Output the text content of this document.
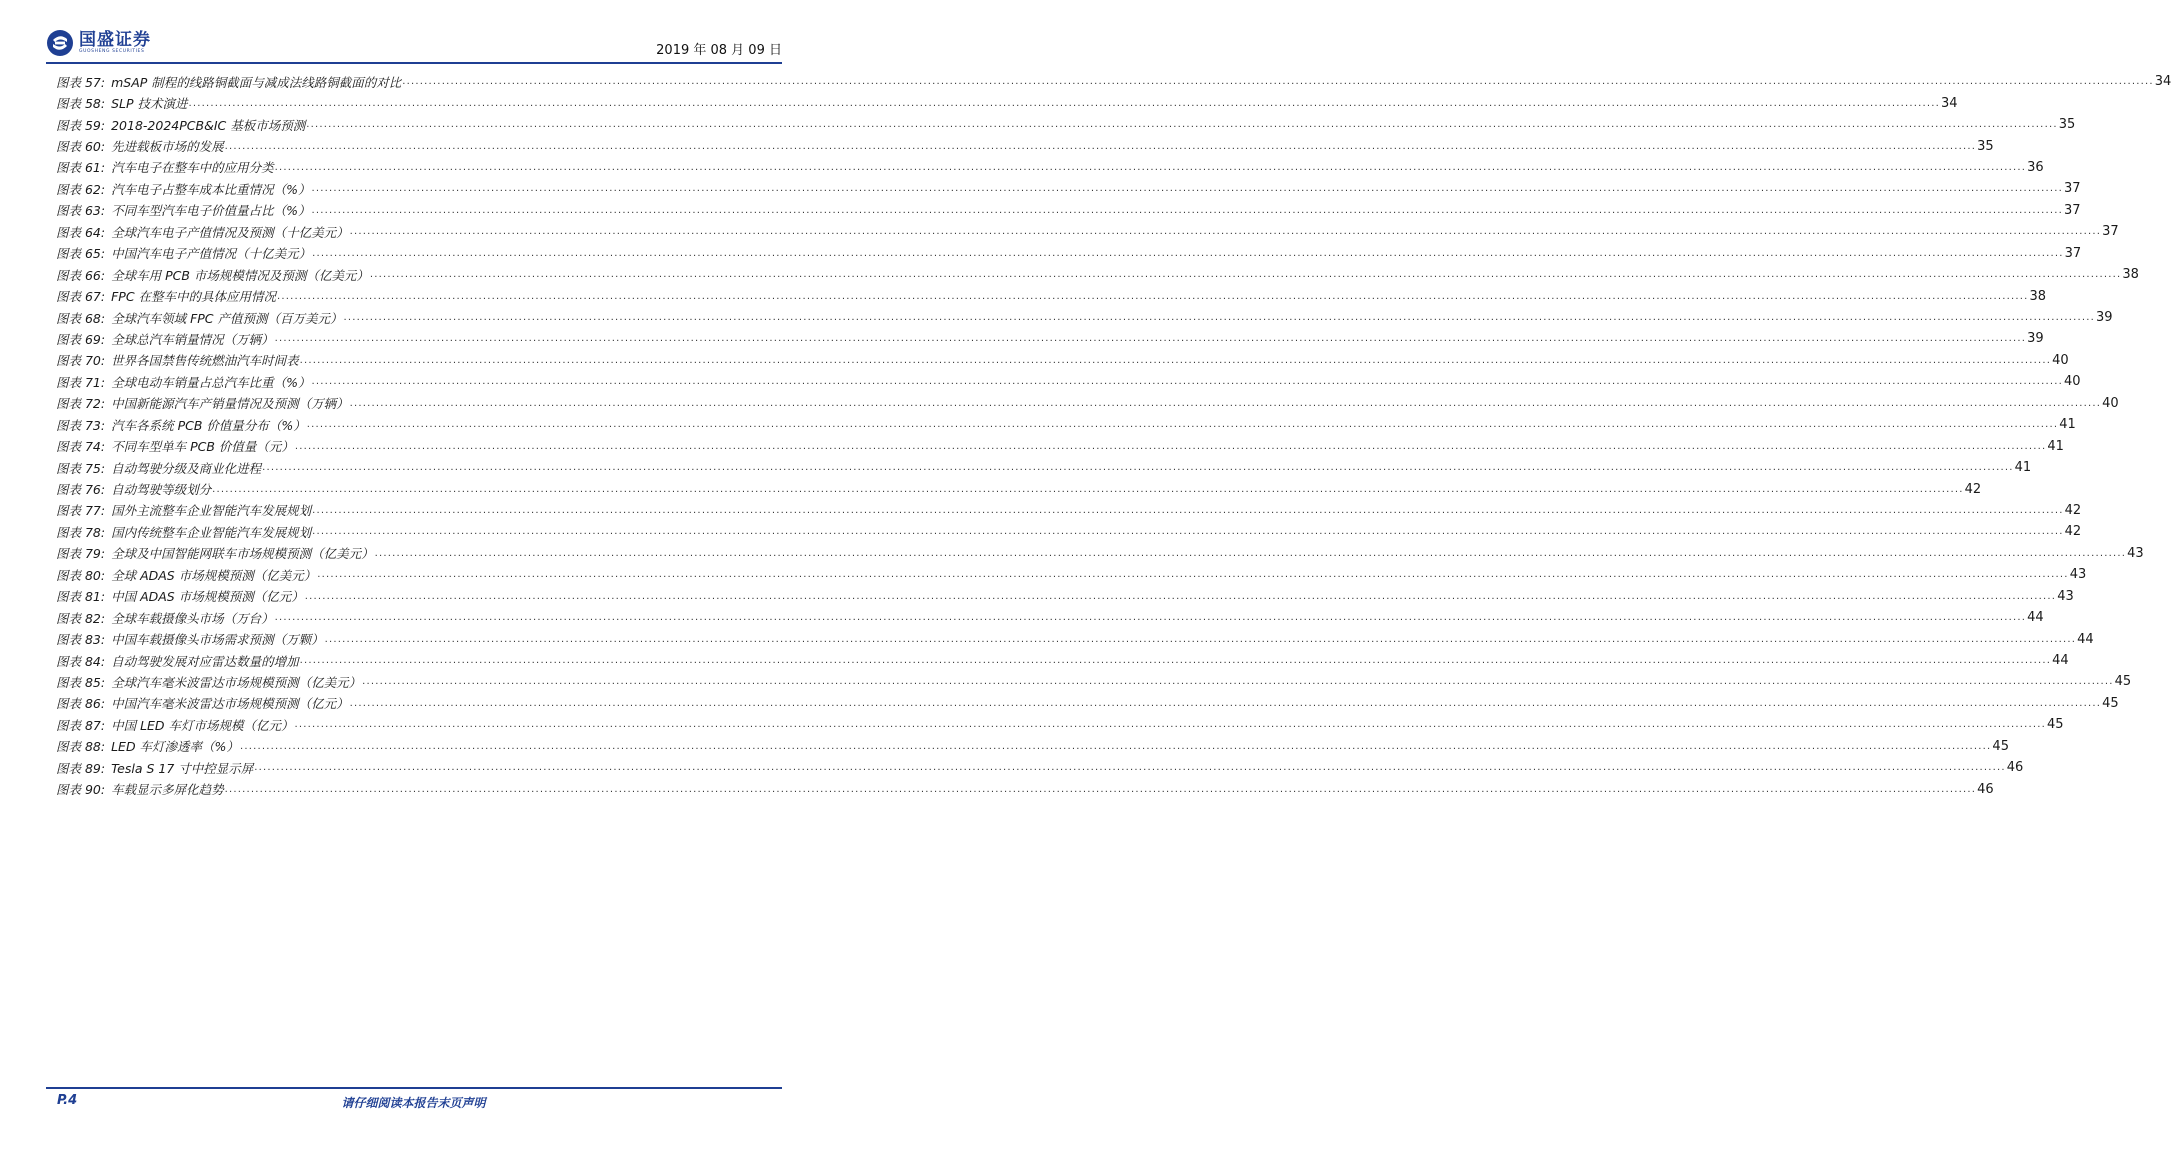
国盛证券
GUOSHENG SECURITIES	2019 年 08 月 09 日
图表 57: mSAP 制程的线路铜截面与减成法线路铜截面的对比 ................................................................................................................................................................................................................................................................................................................................................................................................................ 34
图表 58: SLP 技术演进 ................................................................................................................................................................................................................................................................................................................................................................................................................ 34
图表 59: 2018-2024PCB&IC 基板市场预测 ................................................................................................................................................................................................................................................................................................................................................................................................................ 35
图表 60: 先进载板市场的发展 ................................................................................................................................................................................................................................................................................................................................................................................................................ 35
图表 61: 汽车电子在整车中的应用分类 ................................................................................................................................................................................................................................................................................................................................................................................................................ 36
图表 62: 汽车电子占整车成本比重情况（%） ................................................................................................................................................................................................................................................................................................................................................................................................................ 37
图表 63: 不同车型汽车电子价值量占比（%） ................................................................................................................................................................................................................................................................................................................................................................................................................ 37
图表 64: 全球汽车电子产值情况及预测（十亿美元） ................................................................................................................................................................................................................................................................................................................................................................................................................ 37
图表 65: 中国汽车电子产值情况（十亿美元） ................................................................................................................................................................................................................................................................................................................................................................................................................ 37
图表 66: 全球车用 PCB 市场规模情况及预测（亿美元） ................................................................................................................................................................................................................................................................................................................................................................................................................ 38
图表 67: FPC 在整车中的具体应用情况 ................................................................................................................................................................................................................................................................................................................................................................................................................ 38
图表 68: 全球汽车领域 FPC 产值预测（百万美元） ................................................................................................................................................................................................................................................................................................................................................................................................................ 39
图表 69: 全球总汽车销量情况（万辆） ................................................................................................................................................................................................................................................................................................................................................................................................................ 39
图表 70: 世界各国禁售传统燃油汽车时间表 ................................................................................................................................................................................................................................................................................................................................................................................................................ 40
图表 71: 全球电动车销量占总汽车比重（%） ................................................................................................................................................................................................................................................................................................................................................................................................................ 40
图表 72: 中国新能源汽车产销量情况及预测（万辆） ................................................................................................................................................................................................................................................................................................................................................................................................................ 40
图表 73: 汽车各系统 PCB 价值量分布（%） ................................................................................................................................................................................................................................................................................................................................................................................................................ 41
图表 74: 不同车型单车 PCB 价值量（元） ................................................................................................................................................................................................................................................................................................................................................................................................................ 41
图表 75: 自动驾驶分级及商业化进程 ................................................................................................................................................................................................................................................................................................................................................................................................................ 41
图表 76: 自动驾驶等级划分 ................................................................................................................................................................................................................................................................................................................................................................................................................ 42
图表 77: 国外主流整车企业智能汽车发展规划 ................................................................................................................................................................................................................................................................................................................................................................................................................ 42
图表 78: 国内传统整车企业智能汽车发展规划 ................................................................................................................................................................................................................................................................................................................................................................................................................ 42
图表 79: 全球及中国智能网联车市场规模预测（亿美元） ................................................................................................................................................................................................................................................................................................................................................................................................................ 43
图表 80: 全球 ADAS 市场规模预测（亿美元） ................................................................................................................................................................................................................................................................................................................................................................................................................ 43
图表 81: 中国 ADAS 市场规模预测（亿元） ................................................................................................................................................................................................................................................................................................................................................................................................................ 43
图表 82: 全球车载摄像头市场（万台） ................................................................................................................................................................................................................................................................................................................................................................................................................ 44
图表 83: 中国车载摄像头市场需求预测（万颗） ................................................................................................................................................................................................................................................................................................................................................................................................................ 44
图表 84: 自动驾驶发展对应雷达数量的增加 ................................................................................................................................................................................................................................................................................................................................................................................................................ 44
图表 85: 全球汽车毫米波雷达市场规模预测（亿美元） ................................................................................................................................................................................................................................................................................................................................................................................................................ 45
图表 86: 中国汽车毫米波雷达市场规模预测（亿元） ................................................................................................................................................................................................................................................................................................................................................................................................................ 45
图表 87: 中国 LED 车灯市场规模（亿元） ................................................................................................................................................................................................................................................................................................................................................................................................................ 45
图表 88: LED 车灯渗透率（%） ................................................................................................................................................................................................................................................................................................................................................................................................................ 45
图表 89: Tesla S 17 寸中控显示屏 ................................................................................................................................................................................................................................................................................................................................................................................................................ 46
图表 90: 车载显示多屏化趋势 ................................................................................................................................................................................................................................................................................................................................................................................................................ 46
P.4	请仔细阅读本报告末页声明
